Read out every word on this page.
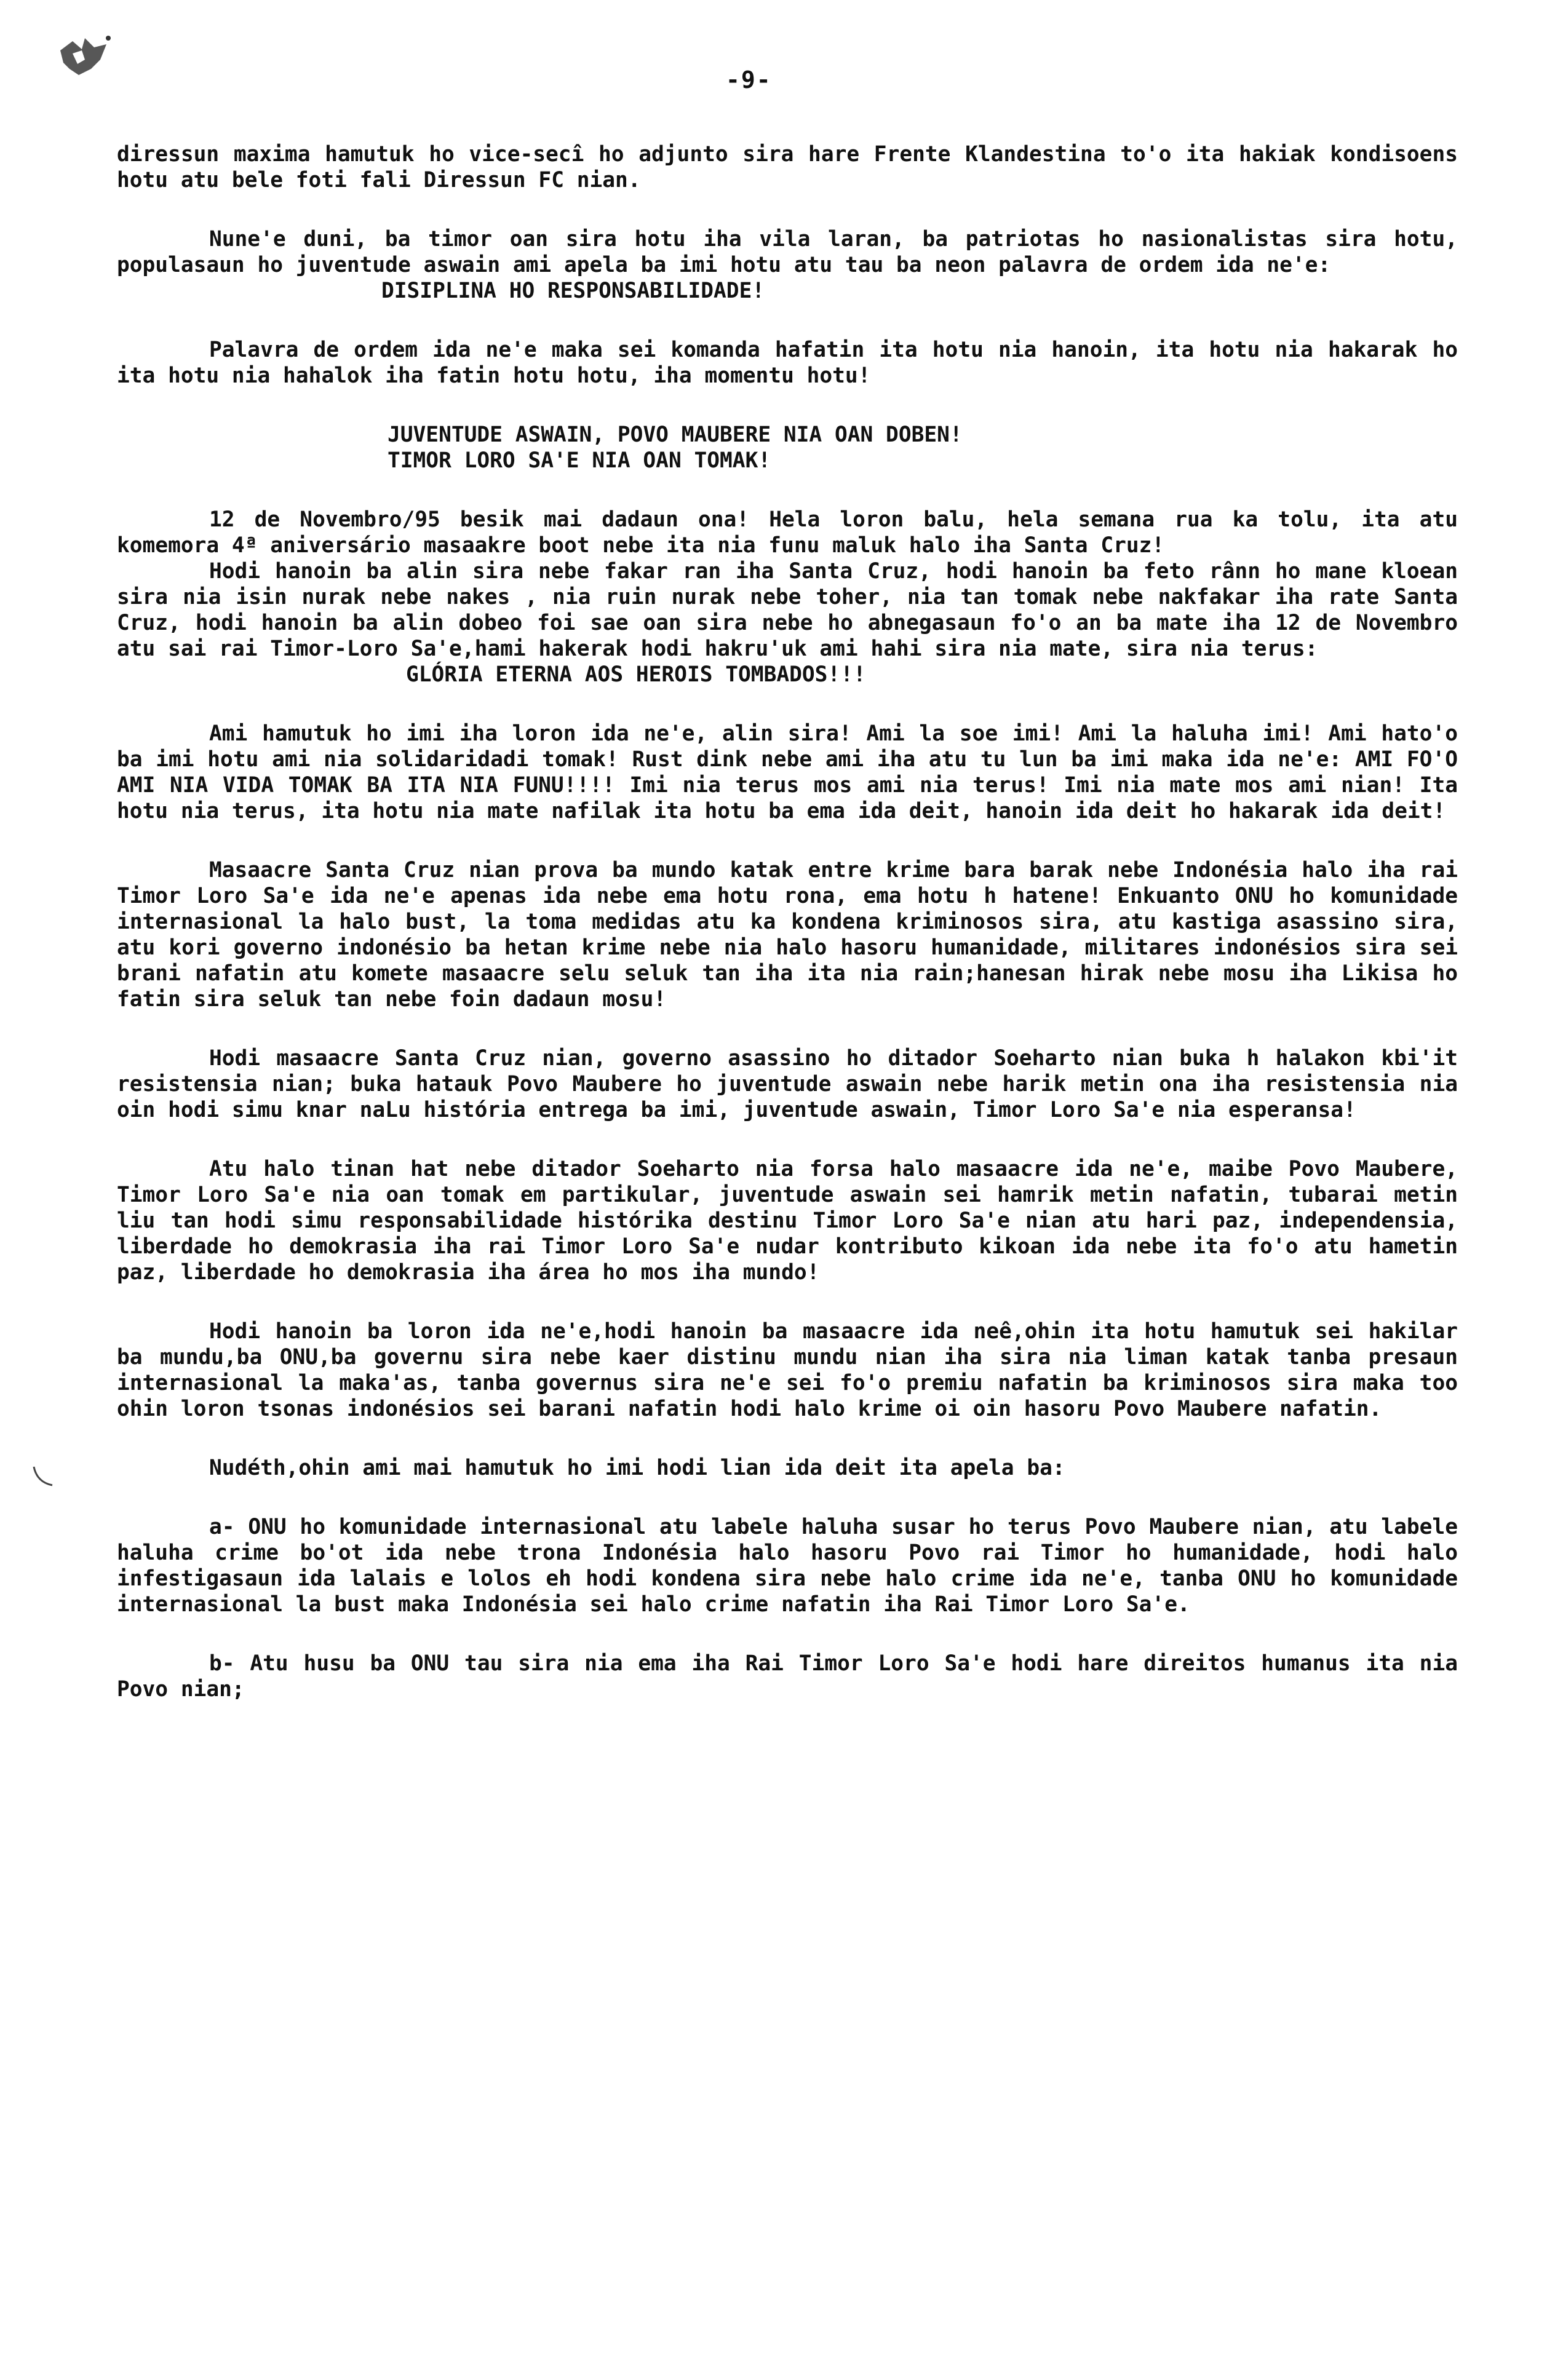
-9-

diressun maxima hamutuk ho vice-secî ho adjunto sira hare Frente Klandestina to'o ita hakiak kondisoens hotu atu bele foti fali Diressun FC nian.

Nune'e duni, ba timor oan sira hotu iha vila laran, ba patriotas ho nasionalistas sira hotu, populasaun ho juventude aswain ami apela ba imi hotu atu tau ba neon palavra de ordem ida ne'e:

DISIPLINA HO RESPONSABILIDADE!

Palavra de ordem ida ne'e maka sei komanda hafatin ita hotu nia hanoin, ita hotu nia hakarak ho ita hotu nia hahalok iha fatin hotu hotu, iha momentu hotu!

JUVENTUDE ASWAIN, POVO MAUBERE NIA OAN DOBEN!

TIMOR LORO SA'E NIA OAN TOMAK!

12 de Novembro/95 besik mai dadaun ona! Hela loron balu, hela semana rua ka tolu, ita atu komemora 4ª aniversário masaakre boot nebe ita nia funu maluk halo iha Santa Cruz!

Hodi hanoin ba alin sira nebe fakar ran iha Santa Cruz, hodi hanoin ba feto rânn ho mane kloean sira nia isin nurak nebe nakes , nia ruin nurak nebe toher, nia tan tomak nebe nakfakar iha rate Santa Cruz, hodi hanoin ba alin dobeo foi sae oan sira nebe ho abnegasaun fo'o an ba mate iha 12 de Novembro atu sai rai Timor-Loro Sa'e,hami hakerak hodi hakru'uk ami hahi sira nia mate, sira nia terus:

GLÓRIA ETERNA AOS HEROIS TOMBADOS!!!

Ami hamutuk ho imi iha loron ida ne'e, alin sira! Ami la soe imi! Ami la haluha imi! Ami hato'o ba imi hotu ami nia solidaridadi tomak! Rust dink nebe ami iha atu tu lun ba imi maka ida ne'e: AMI FO'O AMI NIA VIDA TOMAK BA ITA NIA FUNU!!!! Imi nia terus mos ami nia terus! Imi nia mate mos ami nian! Ita hotu nia terus, ita hotu nia mate nafilak ita hotu ba ema ida deit, hanoin ida deit ho hakarak ida deit!

Masaacre Santa Cruz nian prova ba mundo katak entre krime bara barak nebe Indonésia halo iha rai Timor Loro Sa'e ida ne'e apenas ida nebe ema hotu rona, ema hotu h hatene! Enkuanto ONU ho komunidade internasional la halo bust, la toma medidas atu ka kondena kriminosos sira, atu kastiga asassino sira, atu kori governo indonésio ba hetan krime nebe nia halo hasoru humanidade, militares indonésios sira sei brani nafatin atu komete masaacre selu seluk tan iha ita nia rain;hanesan hirak nebe mosu iha Likisa ho fatin sira seluk tan nebe foin dadaun mosu!

Hodi masaacre Santa Cruz nian, governo asassino ho ditador Soeharto nian buka h halakon kbi'it resistensia nian; buka hatauk Povo Maubere ho juventude aswain nebe harik metin ona iha resistensia nia oin hodi simu knar naLu história entrega ba imi, juventude aswain, Timor Loro Sa'e nia esperansa!

Atu halo tinan hat nebe ditador Soeharto nia forsa halo masaacre ida ne'e, maibe Povo Maubere, Timor Loro Sa'e nia oan tomak em partikular, juventude aswain sei hamrik metin nafatin, tubarai metin liu tan hodi simu responsabilidade histórika destinu Timor Loro Sa'e nian atu hari paz, independensia, liberdade ho demokrasia iha rai Timor Loro Sa'e nudar kontributo kikoan ida nebe ita fo'o atu hametin paz, liberdade ho demokrasia iha área ho mos iha mundo!

Hodi hanoin ba loron ida ne'e,hodi hanoin ba masaacre ida neê,ohin ita hotu hamutuk sei hakilar ba mundu,ba ONU,ba governu sira nebe kaer distinu mundu nian iha sira nia liman katak tanba presaun internasional la maka'as, tanba governus sira ne'e sei fo'o premiu nafatin ba kriminosos sira maka too ohin loron tsonas indonésios sei barani nafatin hodi halo krime oi oin hasoru Povo Maubere nafatin.

Nudéth,ohin ami mai hamutuk ho imi hodi lian ida deit ita apela ba:

a- ONU ho komunidade internasional atu labele haluha susar ho terus Povo Maubere nian, atu labele haluha crime bo'ot ida nebe trona Indonésia halo hasoru Povo rai Timor ho humanidade, hodi halo infestigasaun ida lalais e lolos eh hodi kondena sira nebe halo crime ida ne'e, tanba ONU ho komunidade internasional la bust maka Indonésia sei halo crime nafatin iha Rai Timor Loro Sa'e.

b- Atu husu ba ONU tau sira nia ema iha Rai Timor Loro Sa'e hodi hare direitos humanus ita nia Povo nian;
